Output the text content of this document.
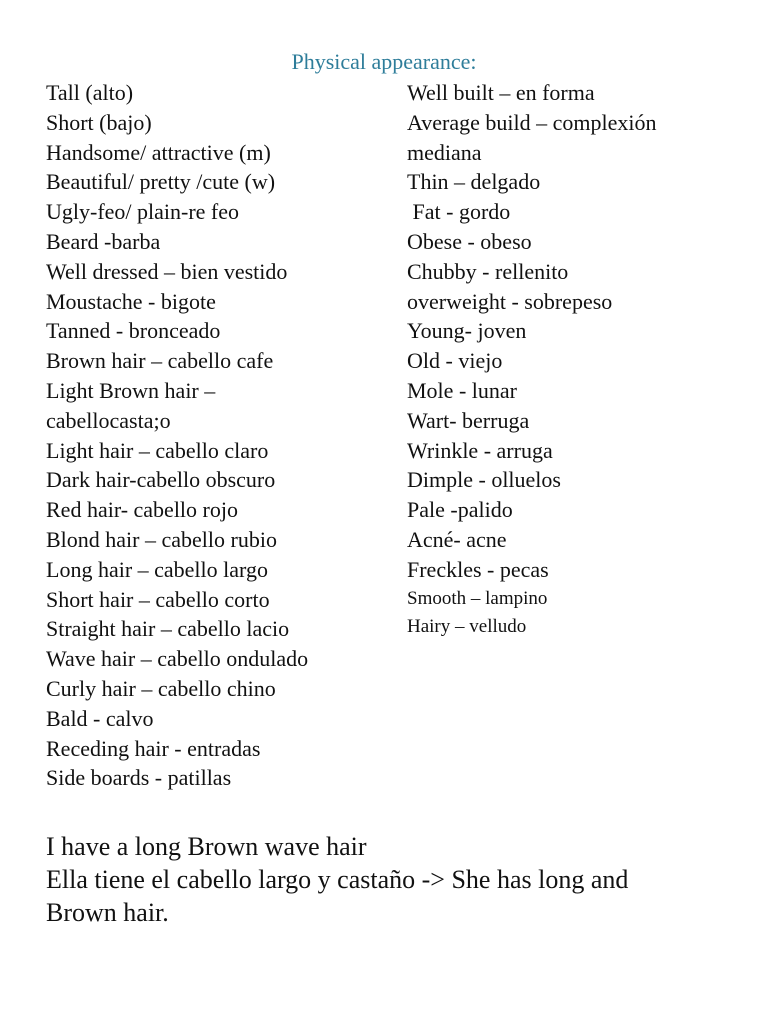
Physical appearance:
Tall (alto)
Short (bajo)
Handsome/ attractive (m)
Beautiful/ pretty /cute (w)
Ugly-feo/ plain-re feo
Beard -barba
Well dressed – bien vestido
Moustache - bigote
Tanned - bronceado
Brown hair – cabello cafe
Light Brown hair –
cabellocasta;o
Light hair – cabello claro
Dark hair-cabello obscuro
Red hair- cabello rojo
Blond hair – cabello rubio
Long hair – cabello largo
Short hair – cabello corto
Straight hair – cabello lacio
Wave hair – cabello ondulado
Curly hair – cabello chino
Bald - calvo
Receding hair - entradas
Side boards - patillas
Well built – en forma
Average build – complexión
mediana
Thin – delgado
Fat - gordo
Obese - obeso
Chubby - rellenito
overweight - sobrepeso
Young- joven
Old - viejo
Mole - lunar
Wart- berruga
Wrinkle - arruga
Dimple - olluelos
Pale -palido
Acné- acne
Freckles - pecas
Smooth – lampino
Hairy – velludo

I have a long Brown wave hair

Ella tiene el cabello largo y castaño -> She has long and

Brown hair.
